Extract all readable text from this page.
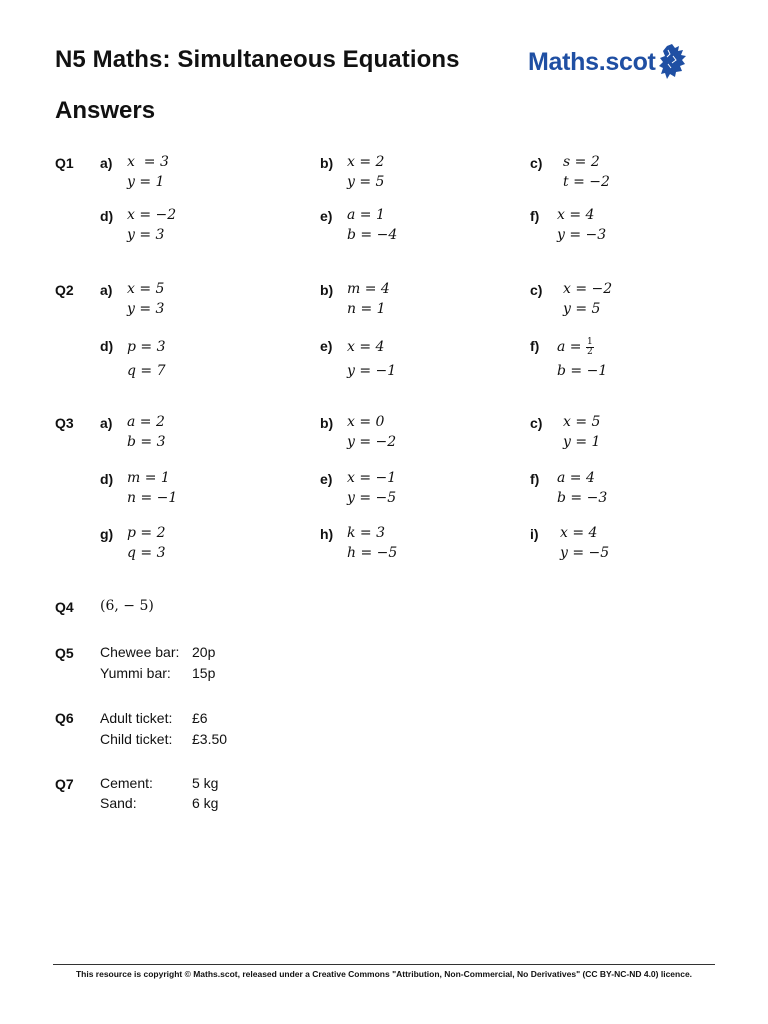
N5 Maths: Simultaneous Equations
Answers
Maths.scot
Q1 a) x  = 3
y = 1
b) x = 2
y = 5
c) s = 2
t = −2
d) x = −2
y = 3
e) a = 1
b = −4
f) x = 4
y = −3
Q2 a) x = 5
y = 3
b) m = 4
n = 1
c) x = −2
y = 5
d) p = 3
q = 7
e) x = 4
y = −1
f) $a = \frac{1}{2}$

b = −1
Q3 a) a = 2
b = 3
b) x = 0
y = −2
c) x = 5
y = 1
d) m = 1
n = −1
e) x = −1
y = −5
f) a = 4
b = −3
g) p = 2
q = 3
h) k = 3
h = −5
i) x = 4
y = −5
Q4 (6, − 5)
Q5 Chewee bar: 20p
Yummi bar: 15p
Q6 Adult ticket: £6
Child ticket: £3.50
Q7 Cement:	5 kg
Sand:	6 kg
This resource is copyright © Maths.scot, released under a Creative Commons "Attribution, Non-Commercial, No Derivatives" (CC BY-NC-ND 4.0) licence.
